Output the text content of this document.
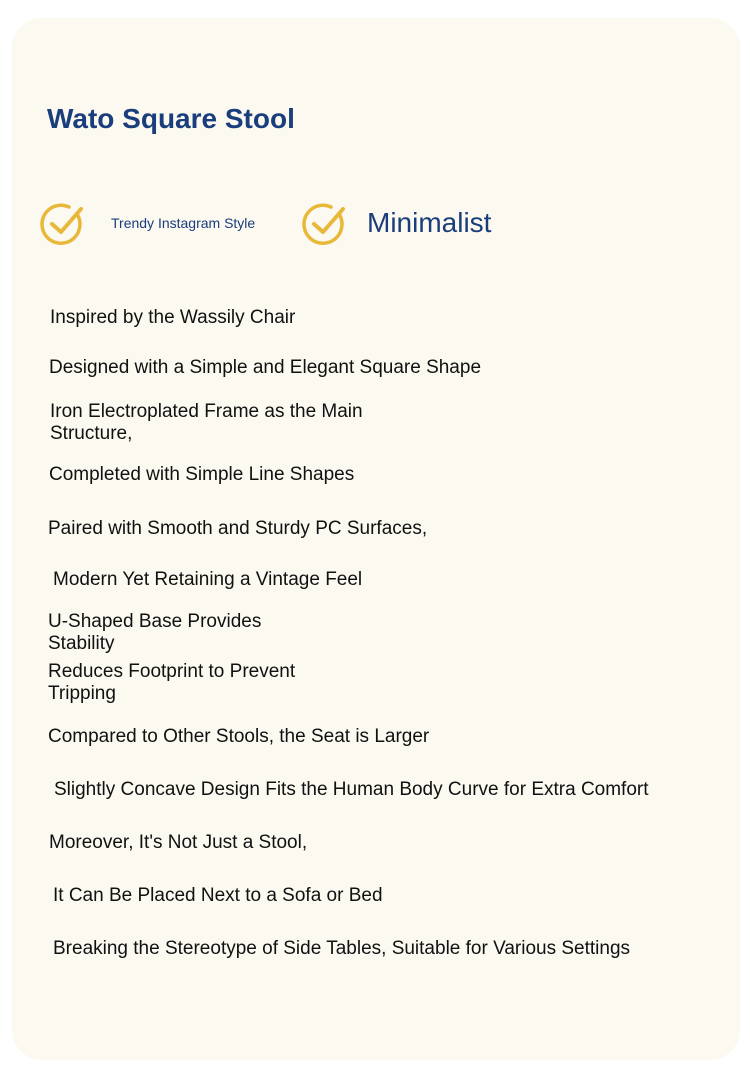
Wato Square Stool
Trendy Instagram Style	Minimalist

Inspired by the Wassily Chair

Designed with a Simple and Elegant Square Shape

Iron Electroplated Frame as the Main
Structure,

Completed with Simple Line Shapes

Paired with Smooth and Sturdy PC Surfaces,

Modern Yet Retaining a Vintage Feel

U-Shaped Base Provides
Stability

Reduces Footprint to Prevent
Tripping

Compared to Other Stools, the Seat is Larger

Slightly Concave Design Fits the Human Body Curve for Extra Comfort

Moreover, It's Not Just a Stool,

It Can Be Placed Next to a Sofa or Bed

Breaking the Stereotype of Side Tables, Suitable for Various Settings
